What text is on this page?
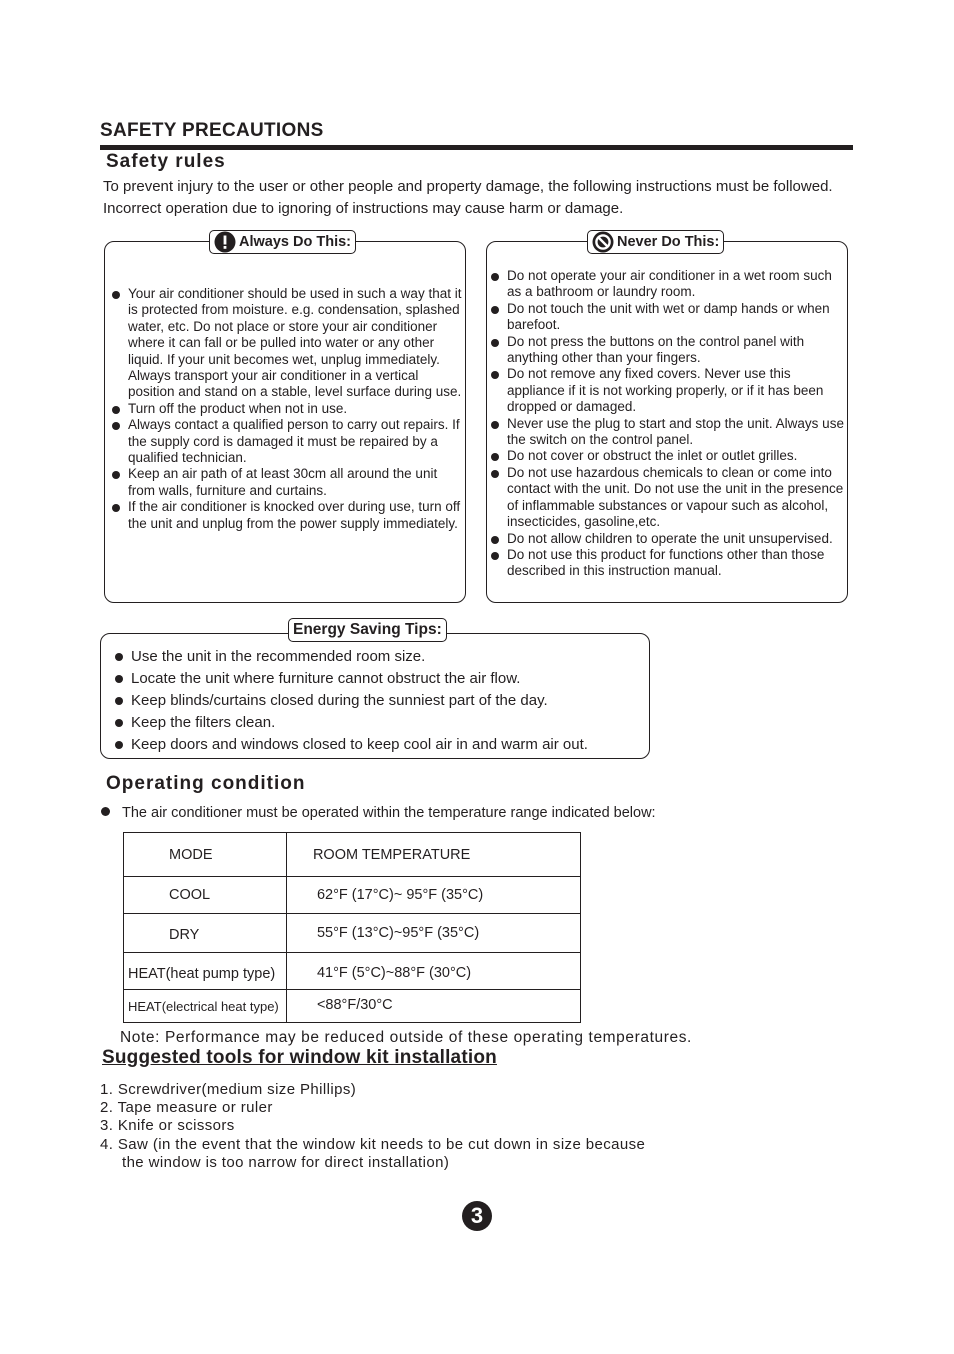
SAFETY PRECAUTIONS
Safety rules
To prevent injury to the user or other people and property damage, the following instructions must be followed. Incorrect operation due to ignoring of instructions may cause harm or damage.
Your air conditioner should be used in such a way that it is protected from moisture. e.g. condensation, splashed water, etc. Do not place or store your air conditioner where it can fall or be pulled into water or any other liquid. If your unit becomes wet, unplug immediately. Always transport your air conditioner in a vertical position and stand on a stable, level surface during use.
Turn off the product when not in use.
Always contact a qualified person to carry out repairs. If the supply cord is damaged it must be repaired by a qualified technician.
Keep an air path of at least 30cm all around the unit from walls, furniture and curtains.
If the air conditioner is knocked over during use, turn off the unit and unplug from the power supply immediately.
Always Do This:
Do not operate your air conditioner in a wet room such as a bathroom or laundry room.
Do not touch the unit with wet or damp hands or when barefoot.
Do not press the buttons on the control panel with anything other than your fingers.
Do not remove any fixed covers. Never use this appliance if it is not working properly, or if it has been dropped or damaged.
Never use the plug to start and stop the unit. Always use the switch on the control panel.
Do not cover or obstruct the inlet or outlet grilles.
Do not use hazardous chemicals to clean or come into contact with the unit. Do not use the unit in the presence of inflammable substances or vapour such as alcohol, insecticides, gasoline,etc.
Do not allow children to operate the unit unsupervised.
Do not use this product for functions other than those described in this instruction manual.
Never Do This:
Use the unit in the recommended room size.
Locate the unit where furniture cannot obstruct the air flow.
Keep blinds/curtains closed during the sunniest part of the day.
Keep the filters clean.
Keep doors and windows closed to keep cool air in and warm air out.
Energy Saving Tips:
Operating condition
The air conditioner must be operated within the temperature range indicated below:
MODE	ROOM TEMPERATURE
COOL	62°F (17°C)~ 95°F (35°C)
DRY	55°F (13°C)~95°F (35°C)
HEAT(heat pump type)	41°F (5°C)~88°F (30°C)
HEAT(electrical heat type)	<88°F/30°C
Note: Performance may be reduced outside of these operating temperatures.
Suggested tools for window kit installation
1. Screwdriver(medium size Phillips)
2. Tape measure or ruler
3. Knife or scissors
4. Saw (in the event that the window kit needs to be cut down in size because
the window is too narrow for direct installation)
3
